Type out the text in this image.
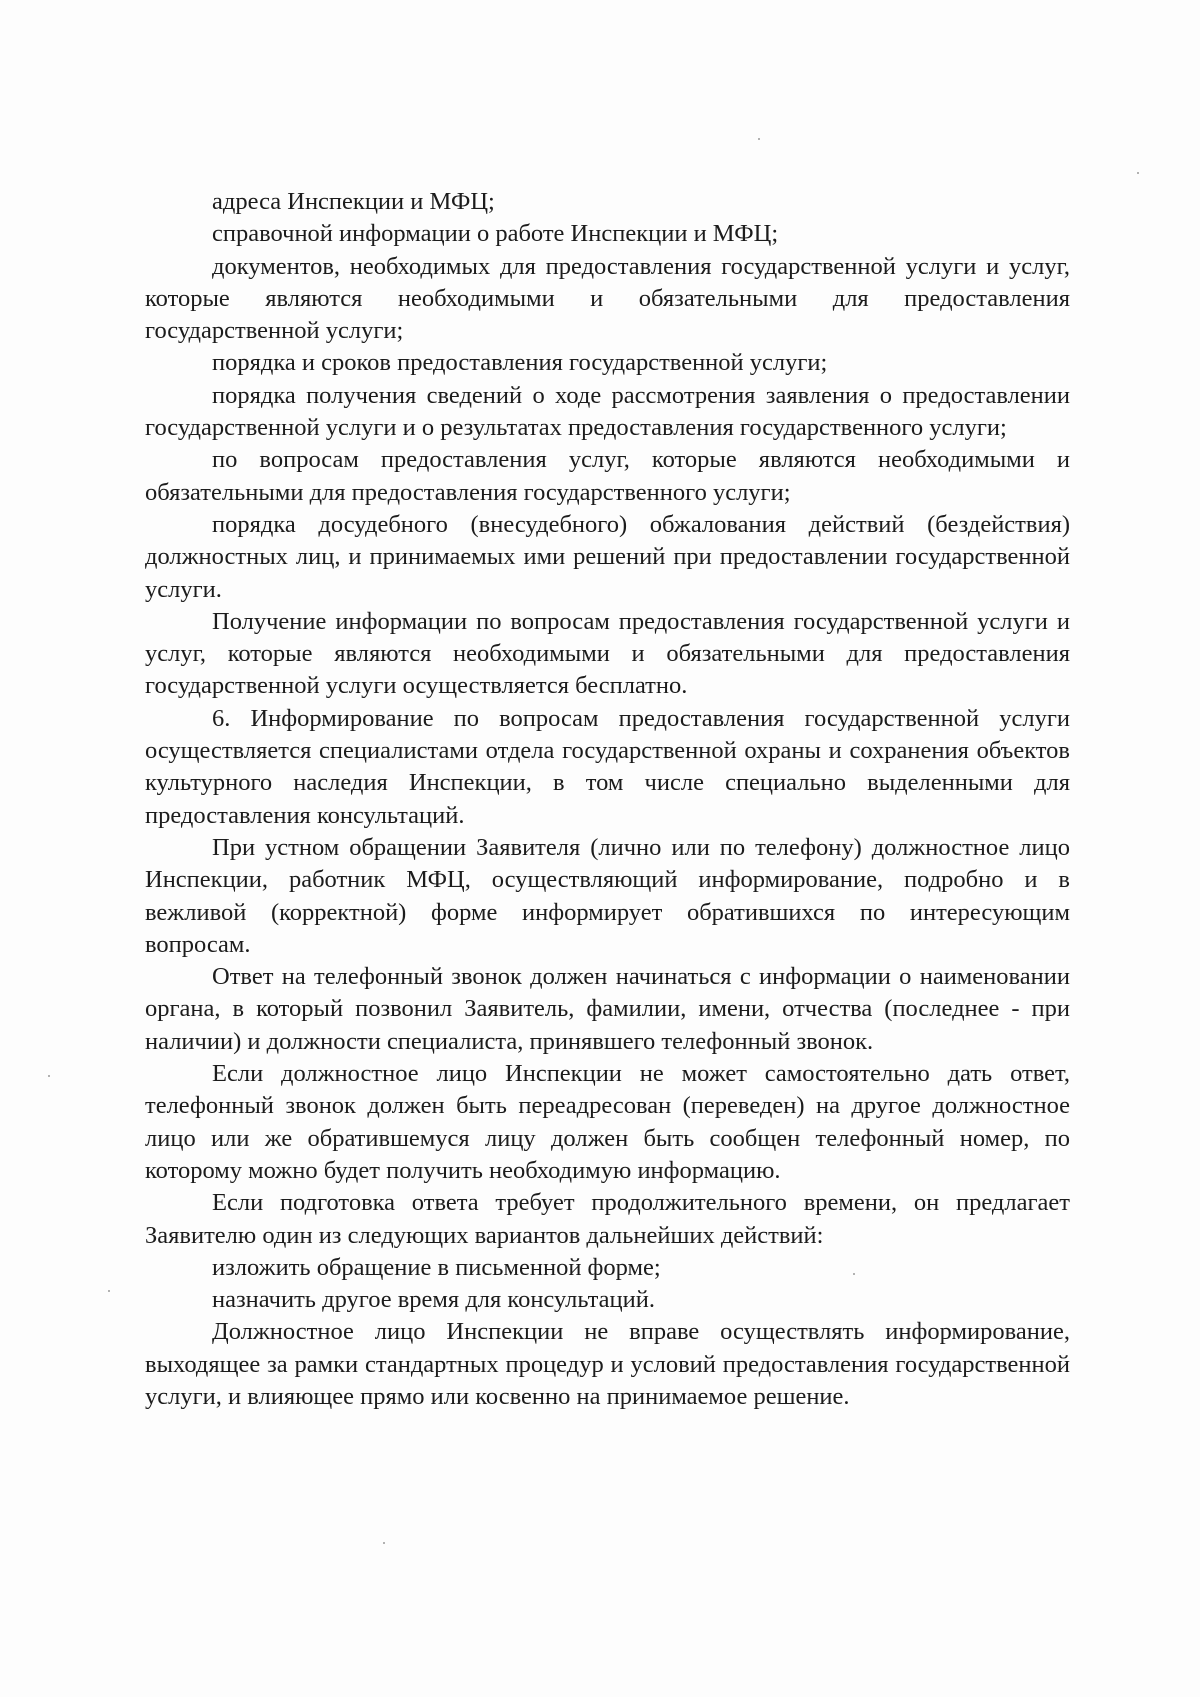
адреса Инспекции и МФЦ;

справочной информации о работе Инспекции и МФЦ;

документов, необходимых для предоставления государственной услуги и услуг, которые являются необходимыми и обязательными для предоставления государственной услуги;

порядка и сроков предоставления государственной услуги;

порядка получения сведений о ходе рассмотрения заявления о предоставлении государственной услуги и о результатах предоставления государственного услуги;

по вопросам предоставления услуг, которые являются необходимыми и обязательными для предоставления государственного услуги;

порядка досудебного (внесудебного) обжалования действий (бездействия) должностных лиц, и принимаемых ими решений при предоставлении государственной услуги.

Получение информации по вопросам предоставления государственной услуги и услуг, которые являются необходимыми и обязательными для предоставления государственной услуги осуществляется бесплатно.

6. Информирование по вопросам предоставления государственной услуги осуществляется специалистами отдела государственной охраны и сохранения объектов культурного наследия Инспекции, в том числе специально выделенными для предоставления консультаций.

При устном обращении Заявителя (лично или по телефону) должностное лицо Инспекции, работник МФЦ, осуществляющий информирование, подробно и в вежливой (корректной) форме информирует обратившихся по интересующим вопросам.

Ответ на телефонный звонок должен начинаться с информации о наименовании органа, в который позвонил Заявитель, фамилии, имени, отчества (последнее - при наличии) и должности специалиста, принявшего телефонный звонок.

Если должностное лицо Инспекции не может самостоятельно дать ответ, телефонный звонок должен быть переадресован (переведен) на другое должностное лицо или же обратившемуся лицу должен быть сообщен телефонный номер, по которому можно будет получить необходимую информацию.

Если подготовка ответа требует продолжительного времени, он предлагает Заявителю один из следующих вариантов дальнейших действий:

изложить обращение в письменной форме;

назначить другое время для консультаций.

Должностное лицо Инспекции не вправе осуществлять информирование, выходящее за рамки стандартных процедур и условий предоставления государственной услуги, и влияющее прямо или косвенно на принимаемое решение.
